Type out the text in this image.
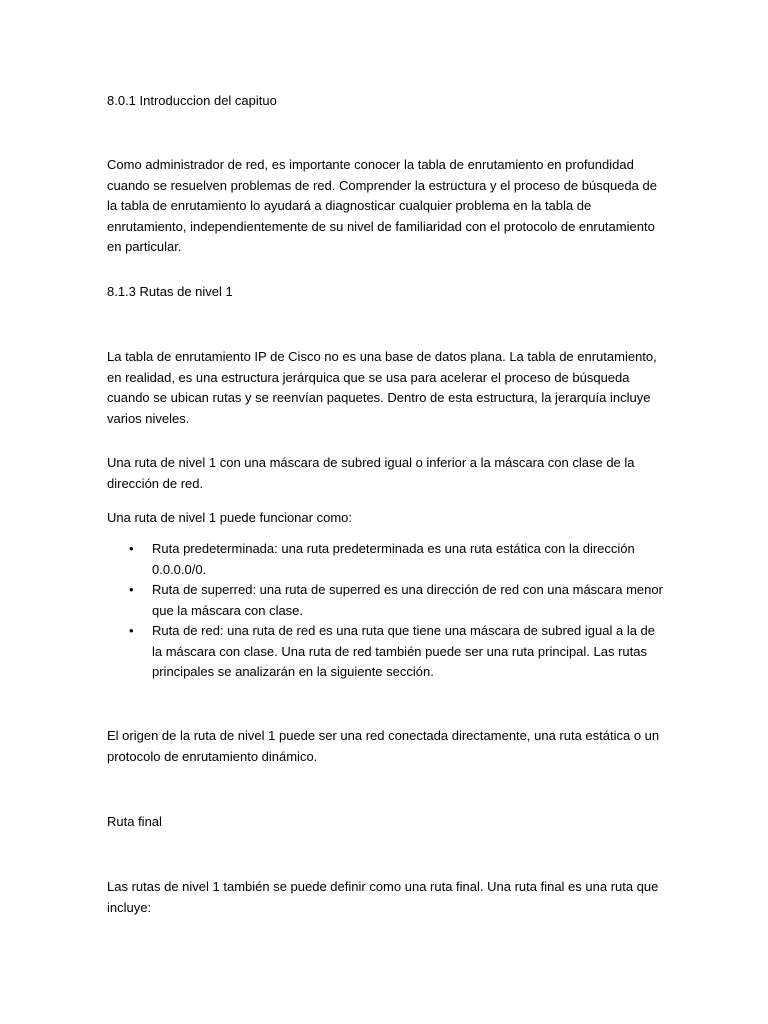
8.0.1 Introduccion del capituo

Como administrador de red, es importante conocer la tabla de enrutamiento en profundidad cuando se resuelven problemas de red. Comprender la estructura y el proceso de búsqueda de la tabla de enrutamiento lo ayudará a diagnosticar cualquier problema en la tabla de enrutamiento, independientemente de su nivel de familiaridad con el protocolo de enrutamiento en particular.

8.1.3 Rutas de nivel 1

La tabla de enrutamiento IP de Cisco no es una base de datos plana. La tabla de enrutamiento, en realidad, es una estructura jerárquica que se usa para acelerar el proceso de búsqueda cuando se ubican rutas y se reenvían paquetes. Dentro de esta estructura, la jerarquía incluye varios niveles.

Una ruta de nivel 1 con una máscara de subred igual o inferior a la máscara con clase de la dirección de red.

Una ruta de nivel 1 puede funcionar como:

• Ruta predeterminada: una ruta predeterminada es una ruta estática con la dirección 0.0.0.0/0.
• Ruta de superred: una ruta de superred es una dirección de red con una máscara menor que la máscara con clase.
• Ruta de red: una ruta de red es una ruta que tiene una máscara de subred igual a la de la máscara con clase. Una ruta de red también puede ser una ruta principal. Las rutas principales se analizarán en la siguiente sección.

El origen de la ruta de nivel 1 puede ser una red conectada directamente, una ruta estática o un protocolo de enrutamiento dinámico.

Ruta final

Las rutas de nivel 1 también se puede definir como una ruta final. Una ruta final es una ruta que incluye:
